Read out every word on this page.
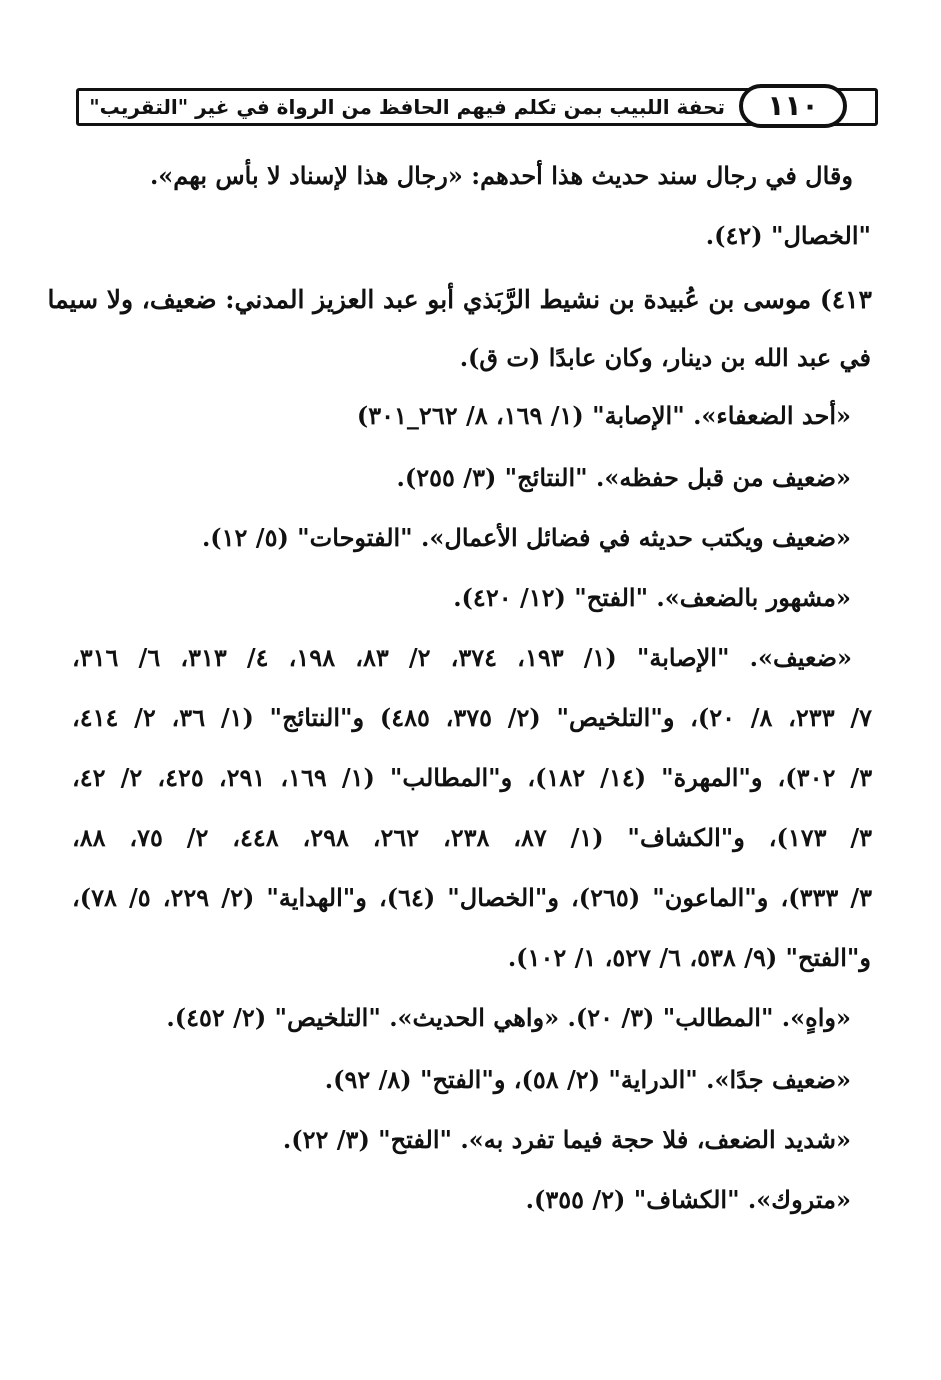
١١٠
تحفة اللبيب بمن تكلم فيهم الحافظ من الرواة في غير "التقريب"
وقال في رجال سند حديث هذا أحدهم: «رجال هذا لإسناد لا بأس بهم».
"الخصال" (٤٢).
٤١٣) موسى بن عُبيدة بن نشيط الرَّبَذي أبو عبد العزيز المدني: ضعيف، ولا سيما
في عبد الله بن دينار، وكان عابدًا (ت ق).
«أحد الضعفاء». "الإصابة" (١/ ١٦٩، ٨/ ٢٦٢_٣٠١)
«ضعيف من قبل حفظه». "النتائج" (٣/ ٢٥٥).
«ضعيف ويكتب حديثه في فضائل الأعمال». "الفتوحات" (٥/ ١٢).
«مشهور بالضعف». "الفتح" (١٢/ ٤٢٠).
«ضعيف». "الإصابة" (١/ ١٩٣، ٣٧٤، ٢/ ٨٣، ١٩٨، ٤/ ٣١٣، ٦/ ٣١٦،
٧/ ٢٣٣، ٨/ ٢٠)، و"التلخيص" (٢/ ٣٧٥، ٤٨٥) و"النتائج" (١/ ٣٦، ٢/ ٤١٤،
٣/ ٣٠٢)، و"المهرة" (١٤/ ١٨٢)، و"المطالب" (١/ ١٦٩، ٢٩١، ٤٢٥، ٢/ ٤٢،
٣/ ١٧٣)، و"الكشاف" (١/ ٨٧، ٢٣٨، ٢٦٢، ٢٩٨، ٤٤٨، ٢/ ٧٥، ٨٨،
٣/ ٣٣٣)، و"الماعون" (٢٦٥)، و"الخصال" (٦٤)، و"الهداية" (٢/ ٢٢٩، ٥/ ٧٨)،
و"الفتح" (٩/ ٥٣٨، ٦/ ٥٢٧، ١/ ١٠٢).
«واهٍ». "المطالب" (٣/ ٢٠). «واهي الحديث». "التلخيص" (٢/ ٤٥٢).
«ضعيف جدًا». "الدراية" (٢/ ٥٨)، و"الفتح" (٨/ ٩٢).
«شديد الضعف، فلا حجة فيما تفرد به». "الفتح" (٣/ ٢٢).
«متروك». "الكشاف" (٢/ ٣٥٥).
